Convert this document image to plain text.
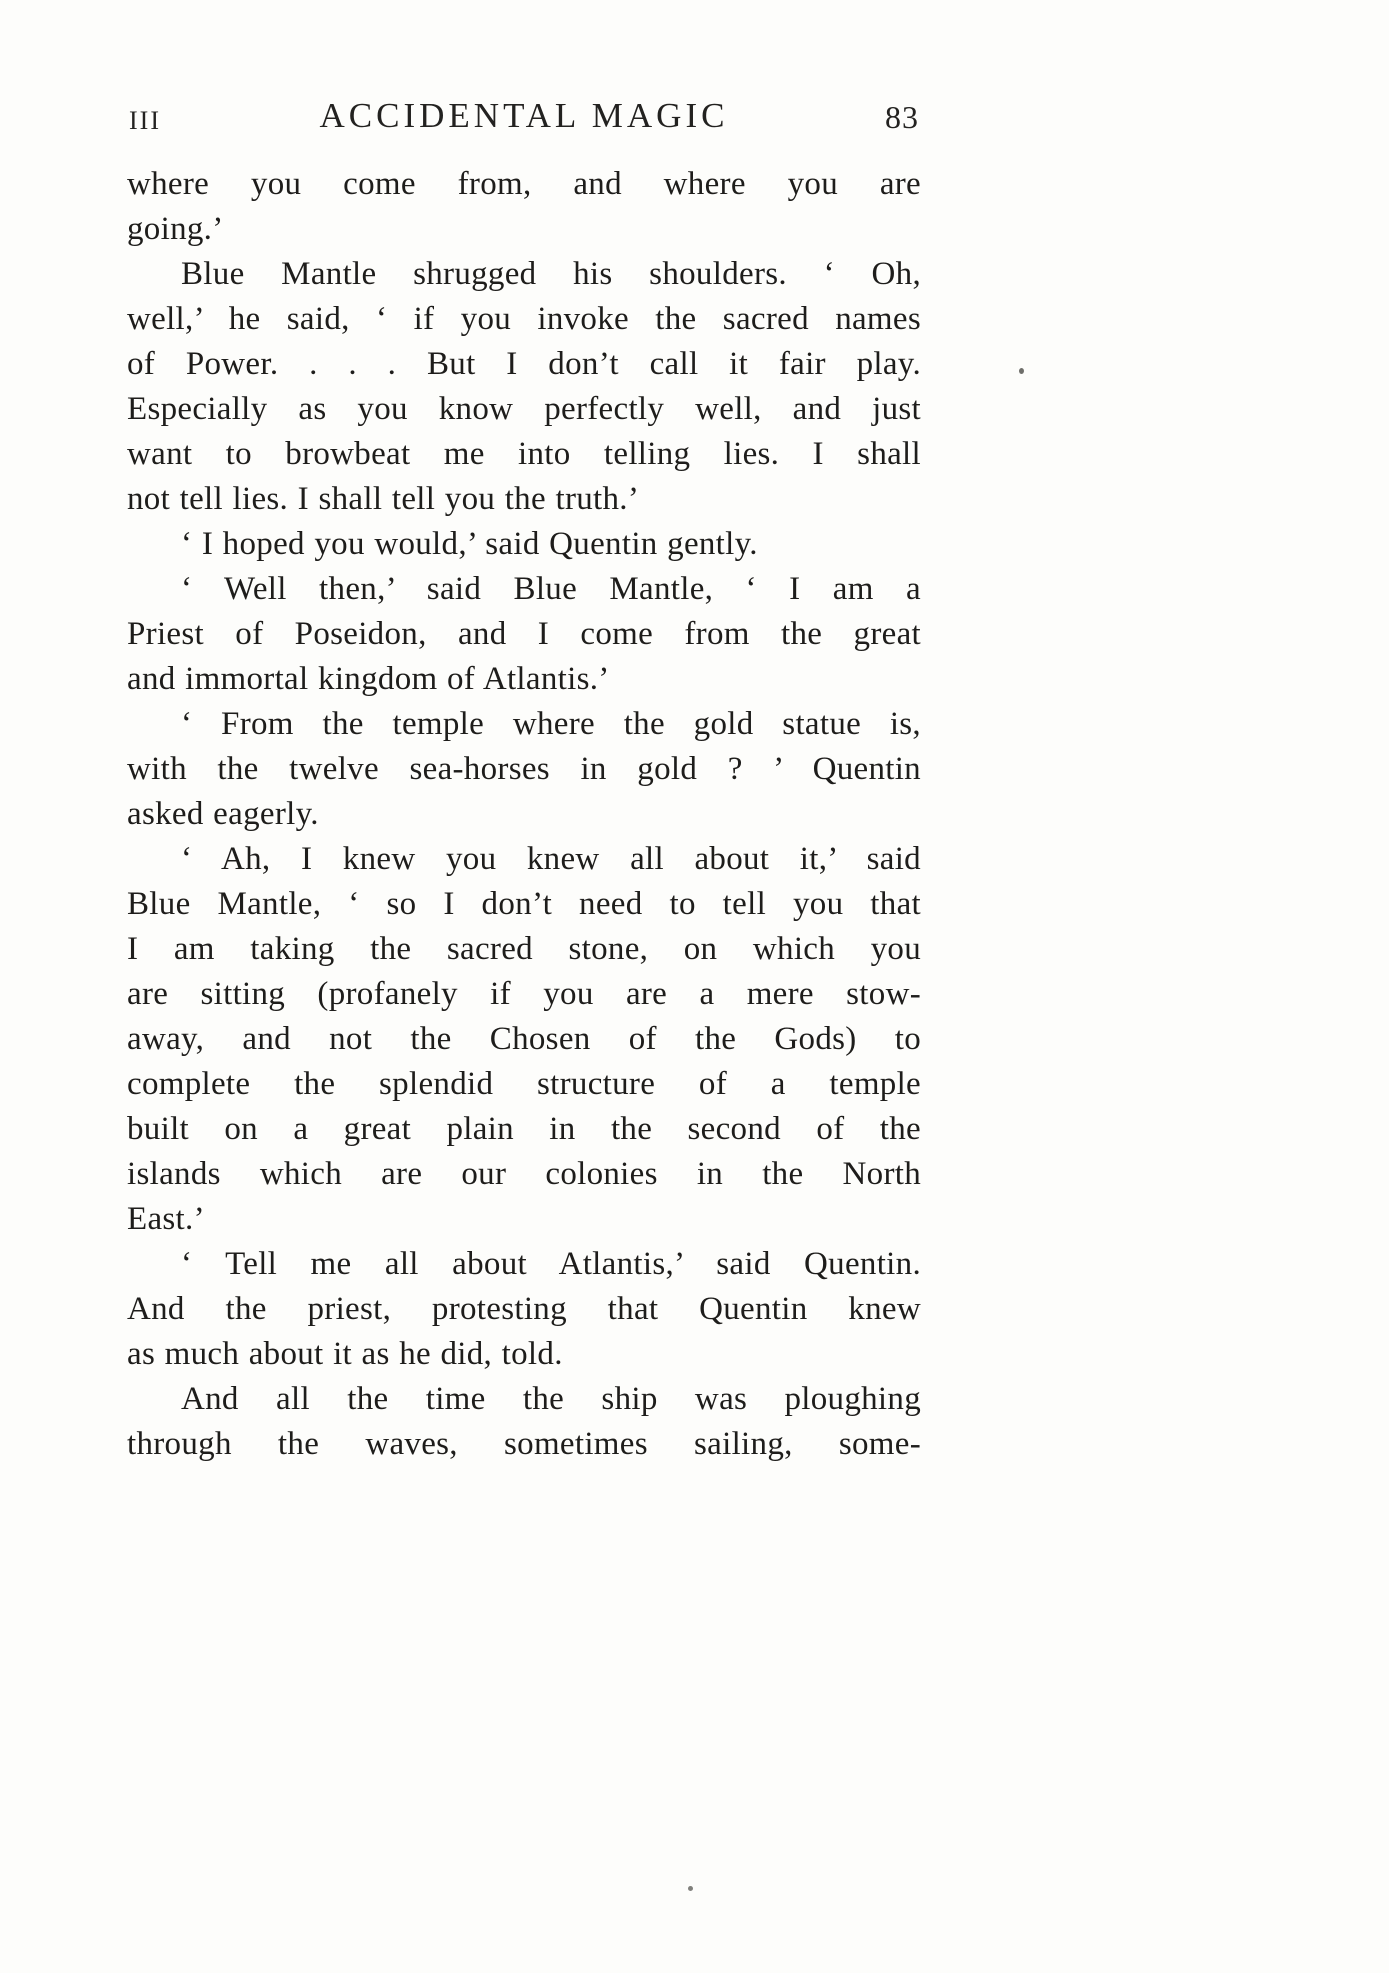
III	ACCIDENTAL MAGIC	83

where you come from, and where you are
going.’

Blue Mantle shrugged his shoulders. ‘ Oh,
well,’ he said, ‘ if you invoke the sacred names
of Power. . . . But I don’t call it fair play.
Especially as you know perfectly well, and just
want to browbeat me into telling lies. I shall
not tell lies. I shall tell you the truth.’

‘ I hoped you would,’ said Quentin gently.

‘ Well then,’ said Blue Mantle, ‘ I am a
Priest of Poseidon, and I come from the great
and immortal kingdom of Atlantis.’

‘ From the temple where the gold statue is,
with the twelve sea-horses in gold ? ’ Quentin
asked eagerly.

‘ Ah, I knew you knew all about it,’ said
Blue Mantle, ‘ so I don’t need to tell you that
I am taking the sacred stone, on which you
are sitting (profanely if you are a mere stow-
away, and not the Chosen of the Gods) to
complete the splendid structure of a temple
built on a great plain in the second of the
islands which are our colonies in the North
East.’

‘ Tell me all about Atlantis,’ said Quentin.
And the priest, protesting that Quentin knew
as much about it as he did, told.

And all the time the ship was ploughing
through the waves, sometimes sailing, some-
